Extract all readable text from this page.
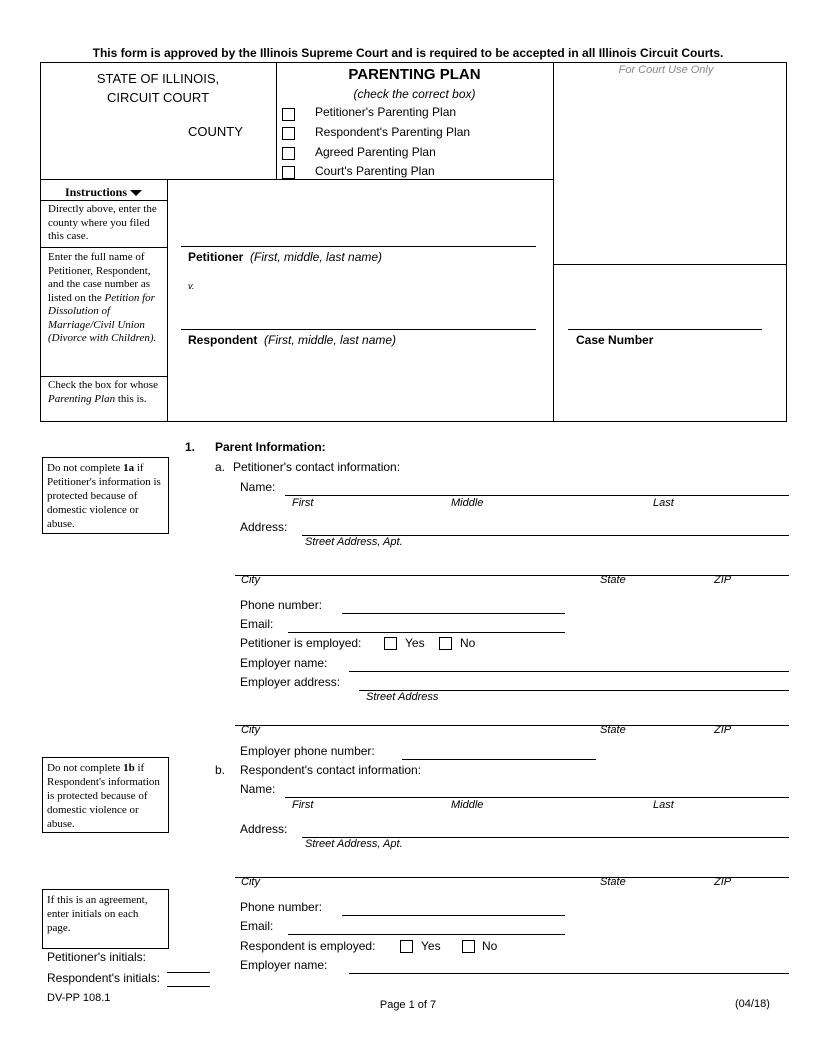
This form is approved by the Illinois Supreme Court and is required to be accepted in all Illinois Circuit Courts.
STATE OF ILLINOIS,
CIRCUIT COURT
COUNTY
PARENTING PLAN
(check the correct box)
Petitioner's Parenting Plan
Respondent's Parenting Plan
Agreed Parenting Plan
Court's Parenting Plan
For Court Use Only
Instructions
Directly above, enter the county where you filed this case.
Enter the full name of Petitioner, Respondent, and the case number as listed on the Petition for Dissolution of Marriage/Civil Union (Divorce with Children).
Check the box for whose Parenting Plan this is.
Petitioner (First, middle, last name)
v.
Respondent (First, middle, last name)	Case Number
1. Parent Information:
Do not complete 1a if Petitioner's information is protected because of domestic violence or abuse.
Do not complete 1b if Respondent's information is protected because of domestic violence or abuse.
If this is an agreement, enter initials on each page.
Petitioner's initials:
Respondent's initials:
a. Petitioner's contact information:
Name:
First	Middle	Last
Address:
Street Address, Apt.
City	State	ZIP
Phone number:
Email:
Petitioner is employed:	Yes	No
Employer name:
Employer address:
Street Address
City	State	ZIP
Employer phone number:
b. Respondent's contact information:
Name:
First	Middle	Last
Address:
Street Address, Apt.
City	State	ZIP
Phone number:
Email:
Respondent is employed:	Yes	No
Employer name:
DV-PP 108.1
Page 1 of 7	(04/18)
